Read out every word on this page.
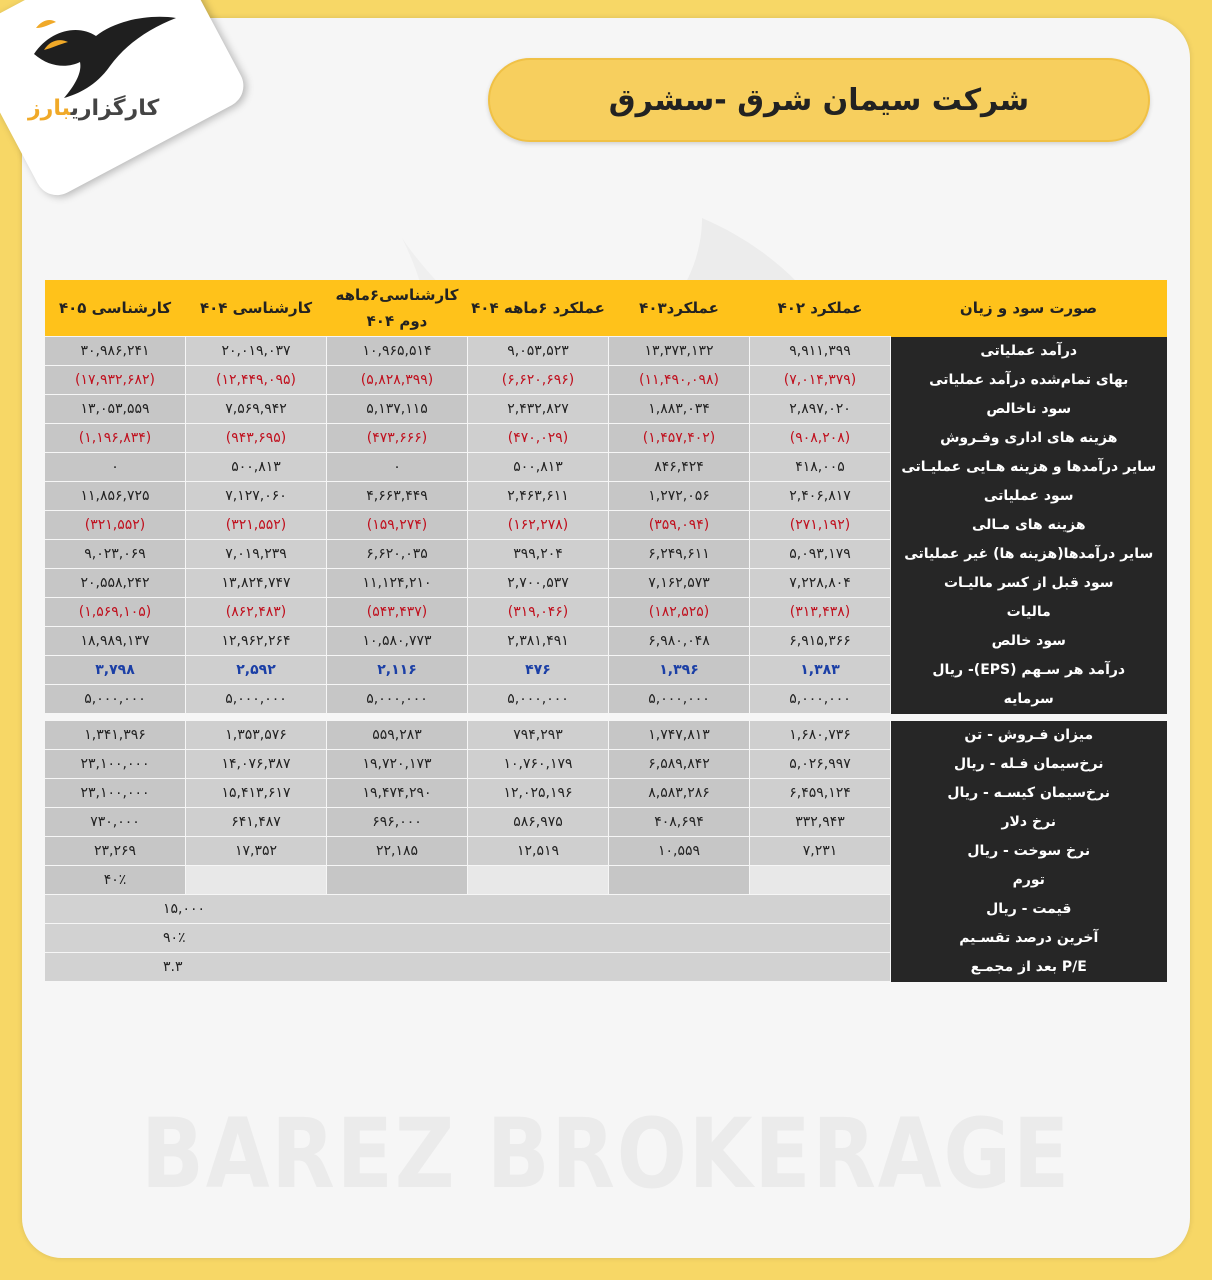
BAREZ BROKERAGE
کارگزاریبارز	شرکت سیمان شرق -سشرق
صورت سود و زیان	عملکرد ۴۰۲	عملکرد۴۰۳	عملکرد ۶ماهه ۴۰۴	کارشناسی۶ماهه دوم ۴۰۴	کارشناسی ۴۰۴	کارشناسی ۴۰۵
درآمد عملیاتی	۹,۹۱۱,۳۹۹	۱۳,۳۷۳,۱۳۲	۹,۰۵۳,۵۲۳	۱۰,۹۶۵,۵۱۴	۲۰,۰۱۹,۰۳۷	۳۰,۹۸۶,۲۴۱
بهای تمام‌شده درآمد عملیاتی	(۷,۰۱۴,۳۷۹)	(۱۱,۴۹۰,۰۹۸)	(۶,۶۲۰,۶۹۶)	(۵,۸۲۸,۳۹۹)	(۱۲,۴۴۹,۰۹۵)	(۱۷,۹۳۲,۶۸۲)
سود ناخالص	۲,۸۹۷,۰۲۰	۱,۸۸۳,۰۳۴	۲,۴۳۲,۸۲۷	۵,۱۳۷,۱۱۵	۷,۵۶۹,۹۴۲	۱۳,۰۵۳,۵۵۹
هزینه های اداری وفـروش	(۹۰۸,۲۰۸)	(۱,۴۵۷,۴۰۲)	(۴۷۰,۰۲۹)	(۴۷۳,۶۶۶)	(۹۴۳,۶۹۵)	(۱,۱۹۶,۸۳۴)
سایر درآمدها و هزینه هـایی عملیـاتی	۴۱۸,۰۰۵	۸۴۶,۴۲۴	۵۰۰,۸۱۳	۰	۵۰۰,۸۱۳	۰
سود عملیاتی	۲,۴۰۶,۸۱۷	۱,۲۷۲,۰۵۶	۲,۴۶۳,۶۱۱	۴,۶۶۳,۴۴۹	۷,۱۲۷,۰۶۰	۱۱,۸۵۶,۷۲۵
هزینه های مـالی	(۲۷۱,۱۹۲)	(۳۵۹,۰۹۴)	(۱۶۲,۲۷۸)	(۱۵۹,۲۷۴)	(۳۲۱,۵۵۲)	(۳۲۱,۵۵۲)
سایر درآمدها(هزینه ها) غیر عملیاتی	۵,۰۹۳,۱۷۹	۶,۲۴۹,۶۱۱	۳۹۹,۲۰۴	۶,۶۲۰,۰۳۵	۷,۰۱۹,۲۳۹	۹,۰۲۳,۰۶۹
سود قبل از کسر مالیـات	۷,۲۲۸,۸۰۴	۷,۱۶۲,۵۷۳	۲,۷۰۰,۵۳۷	۱۱,۱۲۴,۲۱۰	۱۳,۸۲۴,۷۴۷	۲۰,۵۵۸,۲۴۲
مالیات	(۳۱۳,۴۳۸)	(۱۸۲,۵۲۵)	(۳۱۹,۰۴۶)	(۵۴۳,۴۳۷)	(۸۶۲,۴۸۳)	(۱,۵۶۹,۱۰۵)
سود خالص	۶,۹۱۵,۳۶۶	۶,۹۸۰,۰۴۸	۲,۳۸۱,۴۹۱	۱۰,۵۸۰,۷۷۳	۱۲,۹۶۲,۲۶۴	۱۸,۹۸۹,۱۳۷
درآمد هر سـهم (EPS)- ریال	۱,۳۸۳	۱,۳۹۶	۴۷۶	۲,۱۱۶	۲,۵۹۲	۳,۷۹۸
سرمایه	۵,۰۰۰,۰۰۰	۵,۰۰۰,۰۰۰	۵,۰۰۰,۰۰۰	۵,۰۰۰,۰۰۰	۵,۰۰۰,۰۰۰	۵,۰۰۰,۰۰۰

میزان فـروش - تن	۱,۶۸۰,۷۳۶	۱,۷۴۷,۸۱۳	۷۹۴,۲۹۳	۵۵۹,۲۸۳	۱,۳۵۳,۵۷۶	۱,۳۴۱,۳۹۶
نرخ‌سیمان فـله - ریال	۵,۰۲۶,۹۹۷	۶,۵۸۹,۸۴۲	۱۰,۷۶۰,۱۷۹	۱۹,۷۲۰,۱۷۳	۱۴,۰۷۶,۳۸۷	۲۳,۱۰۰,۰۰۰
نرخ‌سیمان کیسـه - ریال	۶,۴۵۹,۱۲۴	۸,۵۸۳,۲۸۶	۱۲,۰۲۵,۱۹۶	۱۹,۴۷۴,۲۹۰	۱۵,۴۱۳,۶۱۷	۲۳,۱۰۰,۰۰۰
نرخ دلار	۳۳۲,۹۴۳	۴۰۸,۶۹۴	۵۸۶,۹۷۵	۶۹۶,۰۰۰	۶۴۱,۴۸۷	۷۳۰,۰۰۰
نرخ سوخت - ریال	۷,۲۳۱	۱۰,۵۵۹	۱۲,۵۱۹	۲۲,۱۸۵	۱۷,۳۵۲	۲۳,۲۶۹
تورم						۴۰٪
قیمت - ریال	۱۵,۰۰۰					
آخرین درصد تقسـیم	۹۰٪					
P/E بعد از مجمـع	۳.۳					
